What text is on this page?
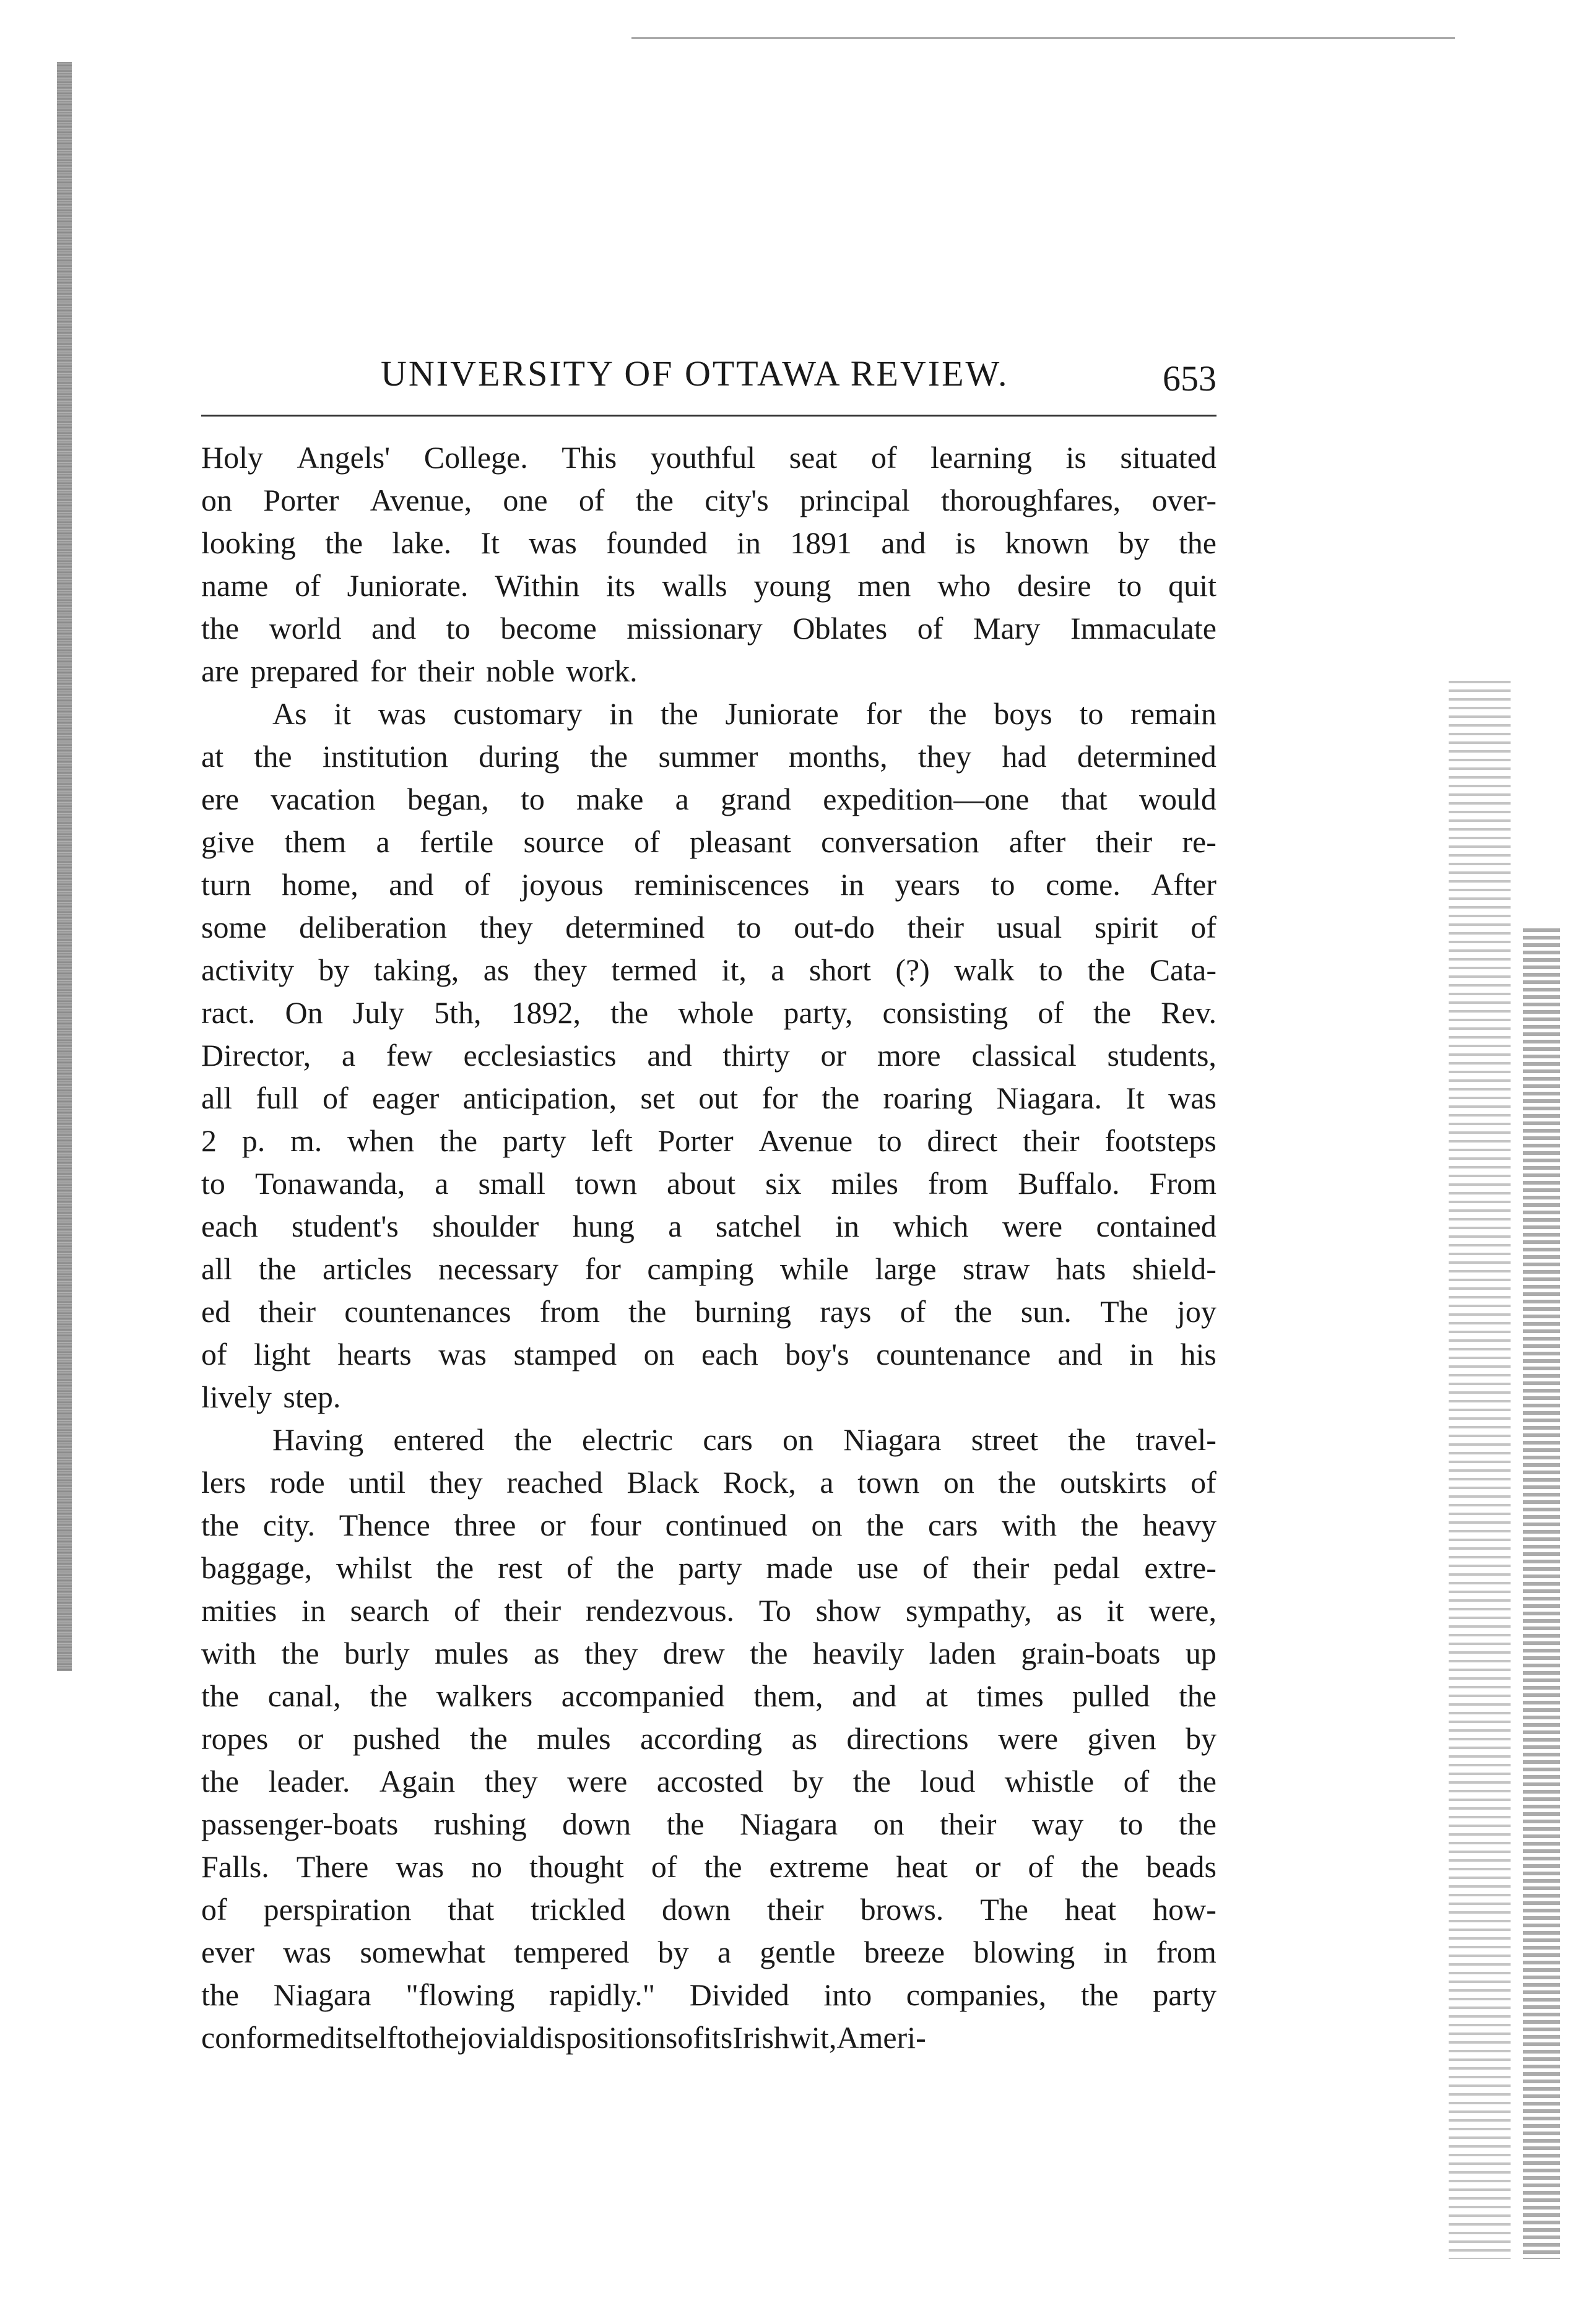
UNIVERSITY OF OTTAWA REVIEW.	653
Holy Angels' College. This youthful seat of learning is situated
on Porter Avenue, one of the city's principal thoroughfares, over-
looking the lake. It was founded in 1891 and is known by the
name of Juniorate. Within its walls young men who desire to quit
the world and to become missionary Oblates of Mary Immaculate
are prepared for their noble work.
As it was customary in the Juniorate for the boys to remain
at the institution during the summer months, they had determined
ere vacation began, to make a grand expedition—one that would
give them a fertile source of pleasant conversation after their re-
turn home, and of joyous reminiscences in years to come. After
some deliberation they determined to out-do their usual spirit of
activity by taking, as they termed it, a short (?) walk to the Cata-
ract. On July 5th, 1892, the whole party, consisting of the Rev.
Director, a few ecclesiastics and thirty or more classical students,
all full of eager anticipation, set out for the roaring Niagara. It was
2 p. m. when the party left Porter Avenue to direct their footsteps
to Tonawanda, a small town about six miles from Buffalo. From
each student's shoulder hung a satchel in which were contained
all the articles necessary for camping while large straw hats shield-
ed their countenances from the burning rays of the sun. The joy
of light hearts was stamped on each boy's countenance and in his
lively step.
Having entered the electric cars on Niagara street the travel-
lers rode until they reached Black Rock, a town on the outskirts of
the city. Thence three or four continued on the cars with the heavy
baggage, whilst the rest of the party made use of their pedal extre-
mities in search of their rendezvous. To show sympathy, as it were,
with the burly mules as they drew the heavily laden grain-boats up
the canal, the walkers accompanied them, and at times pulled the
ropes or pushed the mules according as directions were given by
the leader. Again they were accosted by the loud whistle of the
passenger-boats rushing down the Niagara on their way to the
Falls. There was no thought of the extreme heat or of the beads
of perspiration that trickled down their brows. The heat how-
ever was somewhat tempered by a gentle breeze blowing in from
the Niagara "flowing rapidly." Divided into companies, the party
conformed itself to the jovial dispositions of its Irish wit, Ameri-
